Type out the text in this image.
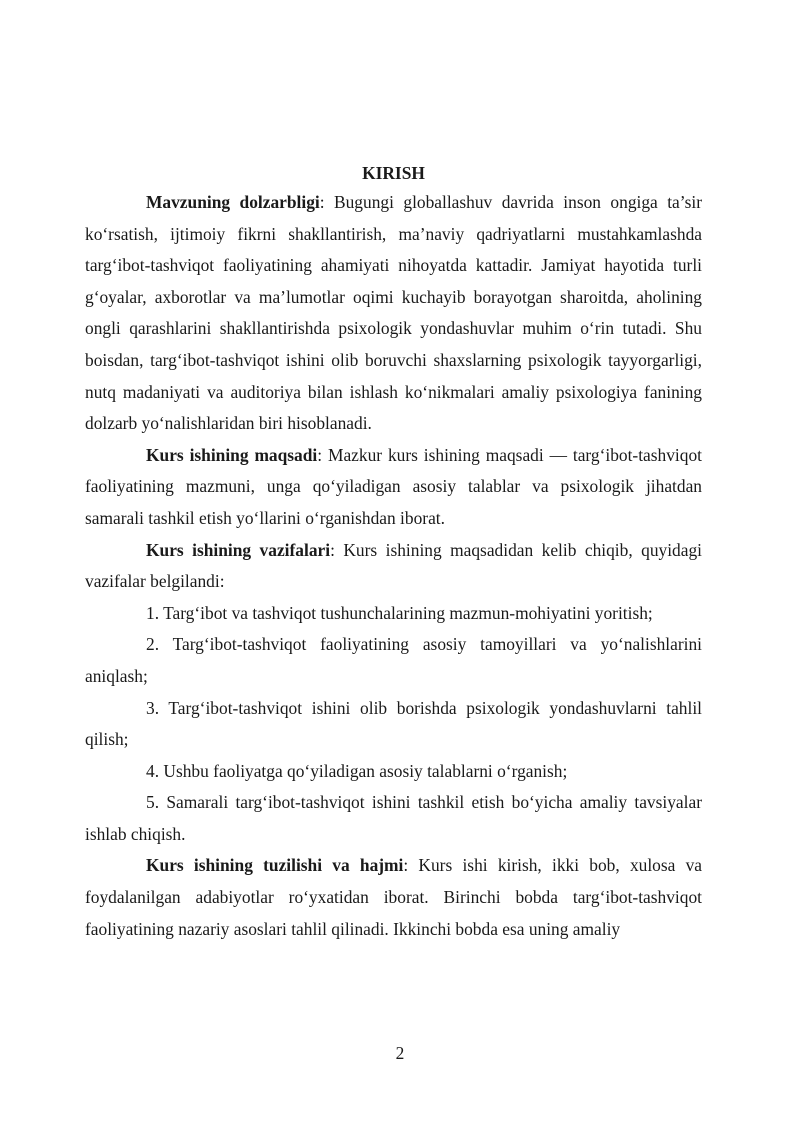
KIRISH

Mavzuning dolzarbligi: Bugungi globallashuv davrida inson ongiga ta’sir ko‘rsatish, ijtimoiy fikrni shakllantirish, ma’naviy qadriyatlarni mustahkamlashda targ‘ibot-tashviqot faoliyatining ahamiyati nihoyatda kattadir. Jamiyat hayotida turli g‘oyalar, axborotlar va ma’lumotlar oqimi kuchayib borayotgan sharoitda, aholining ongli qarashlarini shakllantirishda psixologik yondashuvlar muhim o‘rin tutadi. Shu boisdan, targ‘ibot-tashviqot ishini olib boruvchi shaxslarning psixologik tayyorgarligi, nutq madaniyati va auditoriya bilan ishlash ko‘nikmalari amaliy psixologiya fanining dolzarb yo‘nalishlaridan biri hisoblanadi.

Kurs ishining maqsadi: Mazkur kurs ishining maqsadi — targ‘ibot-tashviqot faoliyatining mazmuni, unga qo‘yiladigan asosiy talablar va psixologik jihatdan samarali tashkil etish yo‘llarini o‘rganishdan iborat.

Kurs ishining vazifalari: Kurs ishining maqsadidan kelib chiqib, quyidagi vazifalar belgilandi:

1. Targ‘ibot va tashviqot tushunchalarining mazmun-mohiyatini yoritish;

2. Targ‘ibot-tashviqot faoliyatining asosiy tamoyillari va yo‘nalishlarini aniqlash;

3. Targ‘ibot-tashviqot ishini olib borishda psixologik yondashuvlarni tahlil qilish;

4. Ushbu faoliyatga qo‘yiladigan asosiy talablarni o‘rganish;

5. Samarali targ‘ibot-tashviqot ishini tashkil etish bo‘yicha amaliy tavsiyalar ishlab chiqish.

Kurs ishining tuzilishi va hajmi: Kurs ishi kirish, ikki bob, xulosa va foydalanilgan adabiyotlar ro‘yxatidan iborat. Birinchi bobda targ‘ibot-tashviqot faoliyatining nazariy asoslari tahlil qilinadi. Ikkinchi bobda esa uning amaliy

2
